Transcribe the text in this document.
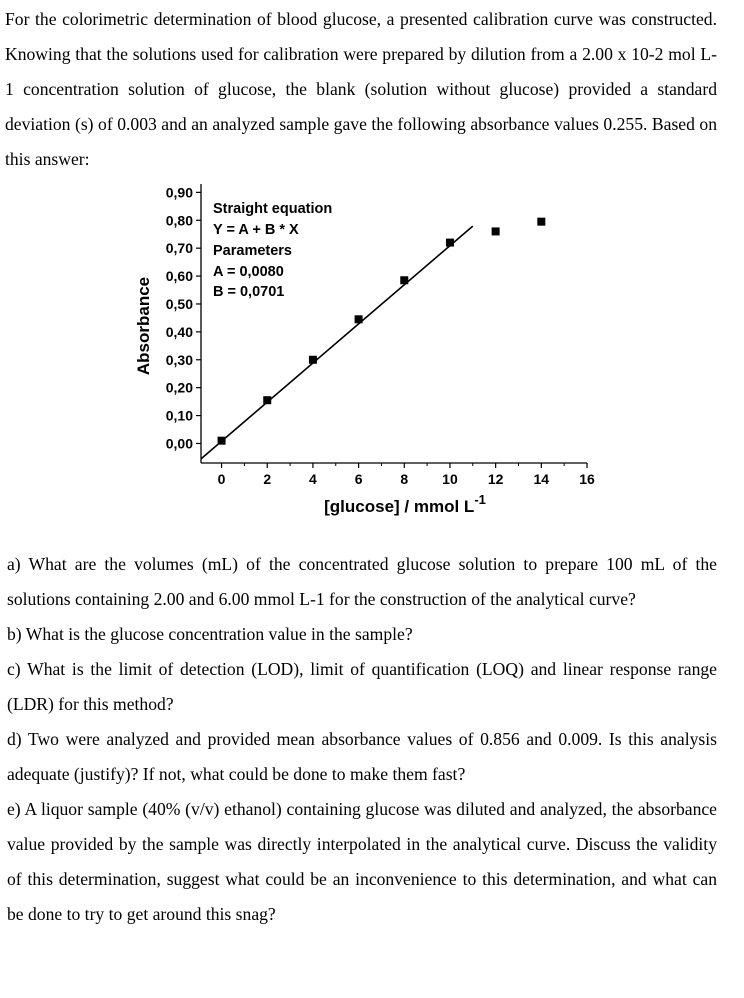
For the colorimetric determination of blood glucose, a presented calibration curve was constructed. Knowing that the solutions used for calibration were prepared by dilution from a 2.00 x 10-2 mol L-1 concentration solution of glucose, the blank (solution without glucose) provided a standard deviation (s) of 0.003 and an analyzed sample gave the following absorbance values 0.255. Based on this answer:
0,00
0,10
0,20
0,30
0,40
0,50
0,60
0,70
0,80
0,90
0	2	4	6	8 10 12 14 16
Absorbance
[glucose] / mmol $L^{-1}$
Straight equation
Y = A + B * X
Parameters
A = 0,0080
B = 0,0701

a) What are the volumes (mL) of the concentrated glucose solution to prepare 100 mL of the solutions containing 2.00 and 6.00 mmol L-1 for the construction of the analytical curve?

b) What is the glucose concentration value in the sample?

c) What is the limit of detection (LOD), limit of quantification (LOQ) and linear response range (LDR) for this method?

d) Two were analyzed and provided mean absorbance values of 0.856 and 0.009. Is this analysis adequate (justify)? If not, what could be done to make them fast?

e) A liquor sample (40% (v/v) ethanol) containing glucose was diluted and analyzed, the absorbance value provided by the sample was directly interpolated in the analytical curve. Discuss the validity of this determination, suggest what could be an inconvenience to this determination, and what can be done to try to get around this snag?
